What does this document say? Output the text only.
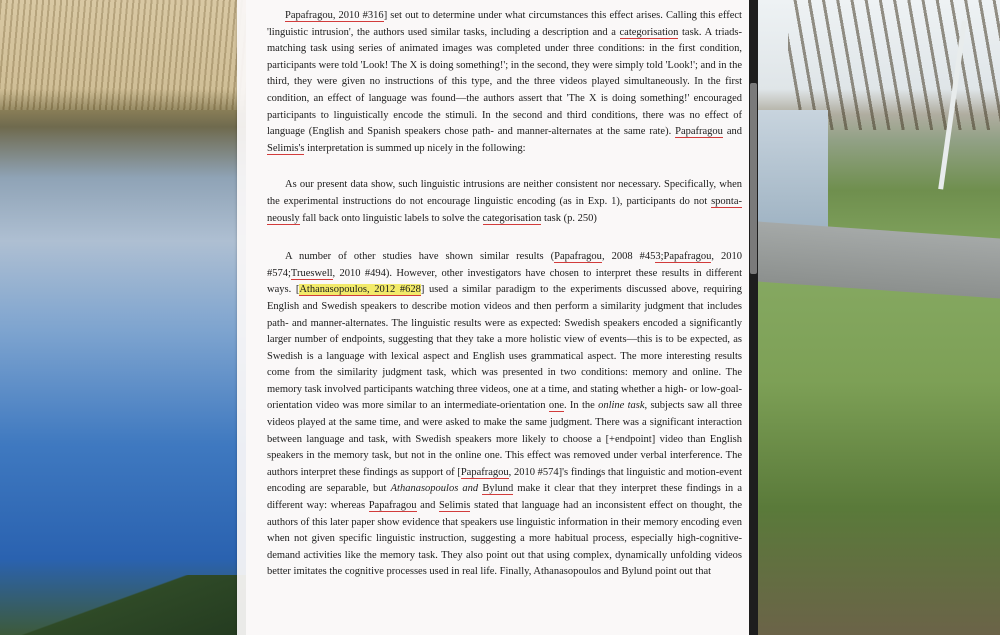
Papafragou, 2010 #316] set out to determine under what circumstances this effect arises. Calling this effect 'linguistic intrusion', the authors used similar tasks, including a description and a categorisation task. A triads-matching task using series of animated images was completed under three conditions: in the first condition, participants were told 'Look! The X is doing something!'; in the second, they were simply told 'Look!'; and in the third, they were given no instructions of this type, and the three videos played simultaneously. In the first condition, an effect of language was found—the authors assert that 'The X is doing something!' encouraged participants to linguistically encode the stimuli. In the second and third conditions, there was no effect of language (English and Spanish speakers chose path- and manner-alternates at the same rate). Papafragou and Selimis's interpretation is summed up nicely in the following:

As our present data show, such linguistic intrusions are neither consistent nor necessary. Specifically, when the experimental instructions do not encourage linguistic encoding (as in Exp. 1), participants do not sponta- neously fall back onto linguistic labels to solve the categorisation task (p. 250)

A number of other studies have shown similar results (Papafragou, 2008 #453;Papafragou, 2010 #574;Trueswell, 2010 #494). However, other investigators have chosen to interpret these results in different ways. [Athanasopoulos, 2012 #628] used a similar paradigm to the experiments discussed above, requiring English and Swedish speakers to describe motion videos and then perform a similarity judgment that includes path- and manner-alternates. The linguistic results were as expected: Swedish speakers encoded a significantly larger number of endpoints, suggesting that they take a more holistic view of events—this is to be expected, as Swedish is a language with lexical aspect and English uses grammatical aspect. The more interesting results come from the similarity judgment task, which was presented in two conditions: memory and online. The memory task involved participants watching three videos, one at a time, and stating whether a high- or low-goal-orientation video was more similar to an intermediate-orientation one. In the online task, subjects saw all three videos played at the same time, and were asked to make the same judgment. There was a significant interaction between language and task, with Swedish speakers more likely to choose a [+endpoint] video than English speakers in the memory task, but not in the online one. This effect was removed under verbal interference. The authors interpret these findings as support of [Papafragou, 2010 #574]'s findings that linguistic and motion-event encoding are separable, but Athanasopoulos and Bylund make it clear that they interpret these findings in a different way: whereas Papafragou and Selimis stated that language had an inconsistent effect on thought, the authors of this later paper show evidence that speakers use linguistic information in their memory encoding even when not given specific linguistic instruction, suggesting a more habitual process, especially high-cognitive-demand activities like the memory task. They also point out that using complex, dynamically unfolding videos better imitates the cognitive processes used in real life. Finally, Athanasopoulos and Bylund point out that
